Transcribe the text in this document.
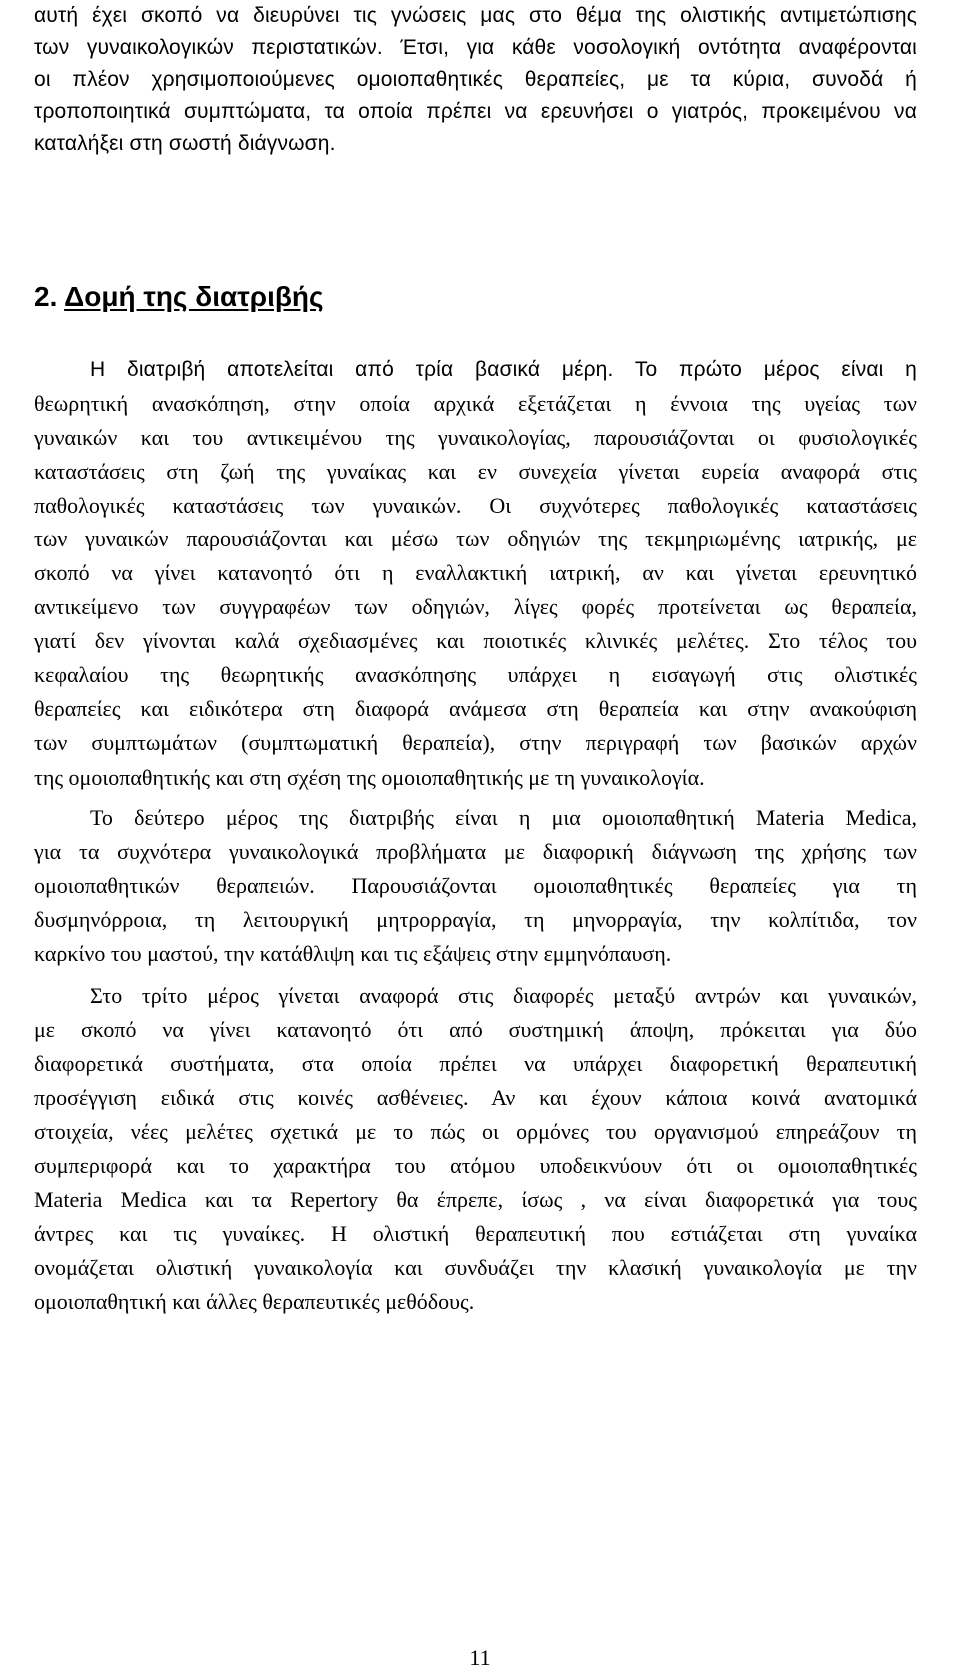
αυτή έχει σκοπό να διευρύνει τις γνώσεις μας στο θέμα της ολιστικής αντιμετώπισης

των γυναικολογικών περιστατικών. Έτσι, για κάθε νοσολογική οντότητα αναφέρονται

οι πλέον χρησιμοποιούμενες ομοιοπαθητικές θεραπείες, με τα κύρια, συνοδά ή

τροποποιητικά συμπτώματα, τα οποία πρέπει να ερευνήσει ο γιατρός, προκειμένου να

καταλήξει στη σωστή διάγνωση.

2. Δομή της διατριβής

Η διατριβή αποτελείται από τρία βασικά μέρη. Το πρώτο μέρος είναι η

θεωρητική ανασκόπηση, στην οποία αρχικά εξετάζεται η έννοια της υγείας των

γυναικών και του αντικειμένου της γυναικολογίας, παρουσιάζονται οι φυσιολογικές

καταστάσεις στη ζωή της γυναίκας και εν συνεχεία γίνεται ευρεία αναφορά στις

παθολογικές καταστάσεις των γυναικών. Οι συχνότερες παθολογικές καταστάσεις

των γυναικών παρουσιάζονται και μέσω των οδηγιών της τεκμηριωμένης ιατρικής, με

σκοπό να γίνει κατανοητό ότι η εναλλακτική ιατρική, αν και γίνεται ερευνητικό

αντικείμενο των συγγραφέων των οδηγιών, λίγες φορές προτείνεται ως θεραπεία,

γιατί δεν γίνονται καλά σχεδιασμένες και ποιοτικές κλινικές μελέτες. Στο τέλος του

κεφαλαίου της θεωρητικής ανασκόπησης υπάρχει η εισαγωγή στις ολιστικές

θεραπείες και ειδικότερα στη διαφορά ανάμεσα στη θεραπεία και στην ανακούφιση

των συμπτωμάτων (συμπτωματική θεραπεία), στην περιγραφή των βασικών αρχών

της ομοιοπαθητικής και στη σχέση της ομοιοπαθητικής με τη γυναικολογία.

Το δεύτερο μέρος της διατριβής είναι η μια ομοιοπαθητική Materia Medica,

για τα συχνότερα γυναικολογικά προβλήματα με διαφορική διάγνωση της χρήσης των

ομοιοπαθητικών θεραπειών. Παρουσιάζονται ομοιοπαθητικές θεραπείες για τη

δυσμηνόρροια, τη λειτουργική μητρορραγία, τη μηνορραγία, την κολπίτιδα, τον

καρκίνο του μαστού, την κατάθλιψη και τις εξάψεις στην εμμηνόπαυση.

Στο τρίτο μέρος γίνεται αναφορά στις διαφορές μεταξύ αντρών και γυναικών,

με σκοπό να γίνει κατανοητό ότι από συστημική άποψη, πρόκειται για δύο

διαφορετικά συστήματα, στα οποία πρέπει να υπάρχει διαφορετική θεραπευτική

προσέγγιση ειδικά στις κοινές ασθένειες. Αν και έχουν κάποια κοινά ανατομικά

στοιχεία, νέες μελέτες σχετικά με το πώς οι ορμόνες του οργανισμού επηρεάζουν τη

συμπεριφορά και το χαρακτήρα του ατόμου υποδεικνύουν ότι οι ομοιοπαθητικές

Materia Medica και τα Repertory θα έπρεπε, ίσως , να είναι διαφορετικά για τους

άντρες και τις γυναίκες. Η ολιστική θεραπευτική που εστιάζεται στη γυναίκα

ονομάζεται ολιστική γυναικολογία και συνδυάζει την κλασική γυναικολογία με την

ομοιοπαθητική και άλλες θεραπευτικές μεθόδους.

11
